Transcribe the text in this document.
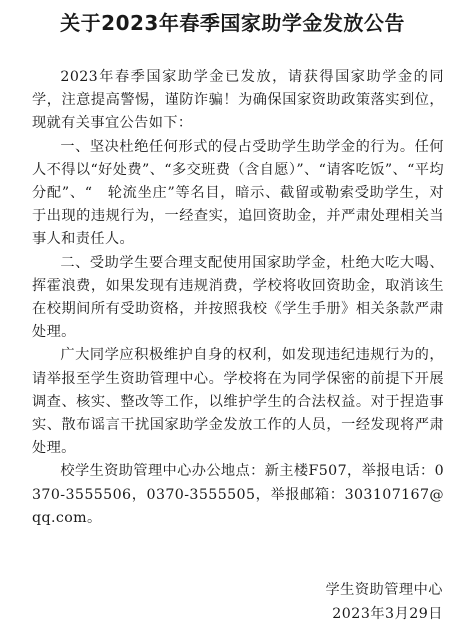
关于2023年春季国家助学金发放公告

2023年春季国家助学金已发放，请获得国家助学金的同学，注意提高警惕，谨防诈骗！为确保国家资助政策落实到位，现就有关事宜公告如下：

一、坚决杜绝任何形式的侵占受助学生助学金的行为。任何人不得以“好处费”、“多交班费（含自愿）”、“请客吃饭”、“平均分配”、“　轮流坐庄”等名目，暗示、截留或勒索受助学生，对于出现的违规行为，一经查实，追回资助金，并严肃处理相关当事人和责任人。

二、受助学生要合理支配使用国家助学金，杜绝大吃大喝、挥霍浪费，如果发现有违规消费，学校将收回资助金，取消该生在校期间所有受助资格，并按照我校《学生手册》相关条款严肃处理。

广大同学应积极维护自身的权利，如发现违纪违规行为的，请举报至学生资助管理中心。学校将在为同学保密的前提下开展调查、核实、整改等工作，以维护学生的合法权益。对于捏造事实、散布谣言干扰国家助学金发放工作的人员，一经发现将严肃处理。

校学生资助管理中心办公地点：新主楼F507，举报电话：0370-3555506，0370-3555505，举报邮箱：303107167@qq.com。

学生资助管理中心
2023年3月29日
